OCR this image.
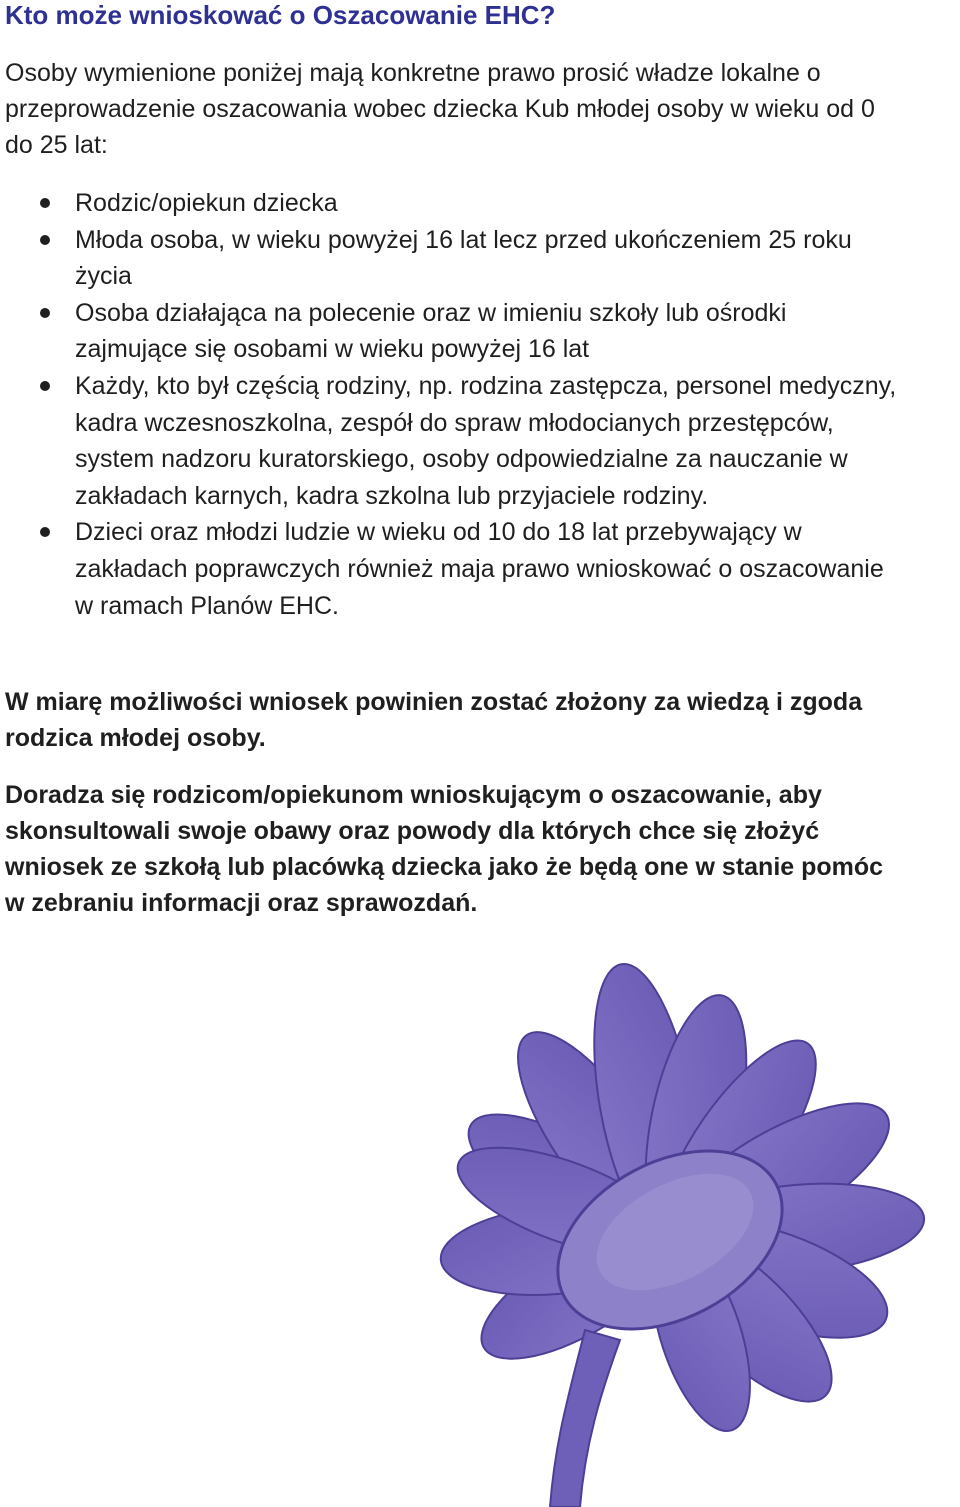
Kto może wnioskować o Oszacowanie EHC?

Osoby wymienione poniżej mają konkretne prawo prosić władze lokalne o przeprowadzenie oszacowania wobec dziecka Kub młodej osoby w wieku od 0 do 25 lat:

Rodzic/opiekun dziecka
Młoda osoba, w wieku powyżej 16 lat lecz przed ukończeniem 25 roku życia
Osoba działająca na polecenie oraz w imieniu szkoły lub ośrodki zajmujące się osobami w wieku powyżej 16 lat
Każdy, kto był częścią rodziny, np. rodzina zastępcza, personel medyczny, kadra wczesnoszkolna, zespół do spraw młodocianych przestępców, system nadzoru kuratorskiego, osoby odpowiedzialne za nauczanie w zakładach karnych, kadra szkolna lub przyjaciele rodziny.
Dzieci oraz młodzi ludzie w wieku od 10 do 18 lat przebywający w zakładach poprawczych również maja prawo wnioskować o oszacowanie w ramach Planów EHC.

W miarę możliwości wniosek powinien zostać złożony za wiedzą i zgoda rodzica młodej osoby.

Doradza się rodzicom/opiekunom wnioskującym o oszacowanie, aby skonsultowali swoje obawy oraz powody dla których chce się złożyć wniosek ze szkołą lub placówką dziecka jako że będą one w stanie pomóc w zebraniu informacji oraz sprawozdań.
